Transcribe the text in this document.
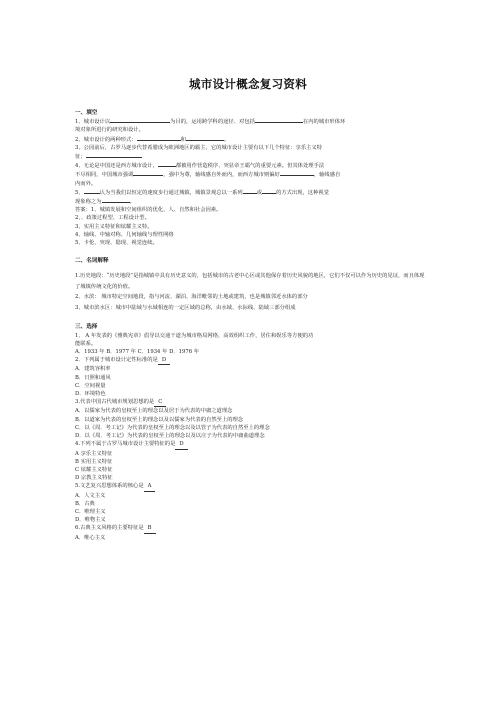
城市设计概念复习资料
一、填空
1、城市设计以	为目的，运用跨学科的途径、对包括	在内的城市形体环
境对象所进行的研究和设计。
2、城市设计的两种形式：	和	。
3、公园前后，古罗马逐步代替希腊成为欧洲地区的霸主，它的城市设计主要有以下几个特征：享乐主义特
征；
4、无论是中国还是西方城市设计，	都被用作营造秩序、突显帝王霸气的重要元素。但其体处理手法
不尽相同，中国城市强调	，强中为尊，轴线感自外而内，而西方城市则偏好	，轴线感自
内而外。
5、	认为当我们以恒定的速度步行通过城镇，城镇景观总以一系列	或	的方式出现，这种视觉
现象称之为	。
答案：1、城镇发展和空间组织的优化、人、自然和社会因素。
2、、政策过程型、工程设计型。
3、实用主义特征和炫耀主义特。
4、轴线、中轴对称、几何轴线与理性网络
5、卡伦、突现、隐现、视觉连续。
二、名词解释
1.历史地段：“历史地段”是指城镇中具有历史意义的，包括城市的古老中心区或其他保存着历史风貌的地区，它们不仅可以作为历史的见证，而且体现了城镇传统文化的价值。
2、水滨： 城市特定空间地段，指与河流、湖泊、海洋毗邻的土地或建筑，也是城镇邻近水体的部分
3、城市滨水区：城市中陆域与水域相连的一定区域的总称，由水域、水际线、陆域三部分组成
三、选择
1、 A 年发表的《雅典宪章》倡导以交通干道为城市格局网络，高效组织工作、居住和娱乐等方便的功
能联系。
A．1933 年 B．1977 年 C．1934 年 D．1976 年
2．下列属于城市设计定性标准的是 D
A．建筑容积率
B．日照和通风
C．空间视量
D．环境特色
3.代表中国古代城市规划思想的是 C
A．以儒家为代表的皇权至上的理念以及居于为代表的中庸之道理念
B．以道家为代表的皇权至上的理念以及以儒家为代表的自然至上的理念
C．以《周．考工记》为代表的皇权至上的理念以及以管子为代表的自然至上的理念
D．以《周．考工记》为代表的皇权至上的理念以及以庄子为代表的中庸曲道理念
4.下列不属于古罗马城市设计主要特征的是 D
A 享乐主义特征
B 实用主义特征
C 炫耀主义特征
D 宗教主义特征
5.文艺复兴思想体系的核心是 A
A．人文主义
B．古典
C．唯理主义
D．唯物主义
6.古典主义风格的主要特征是 B
A．唯心主义
